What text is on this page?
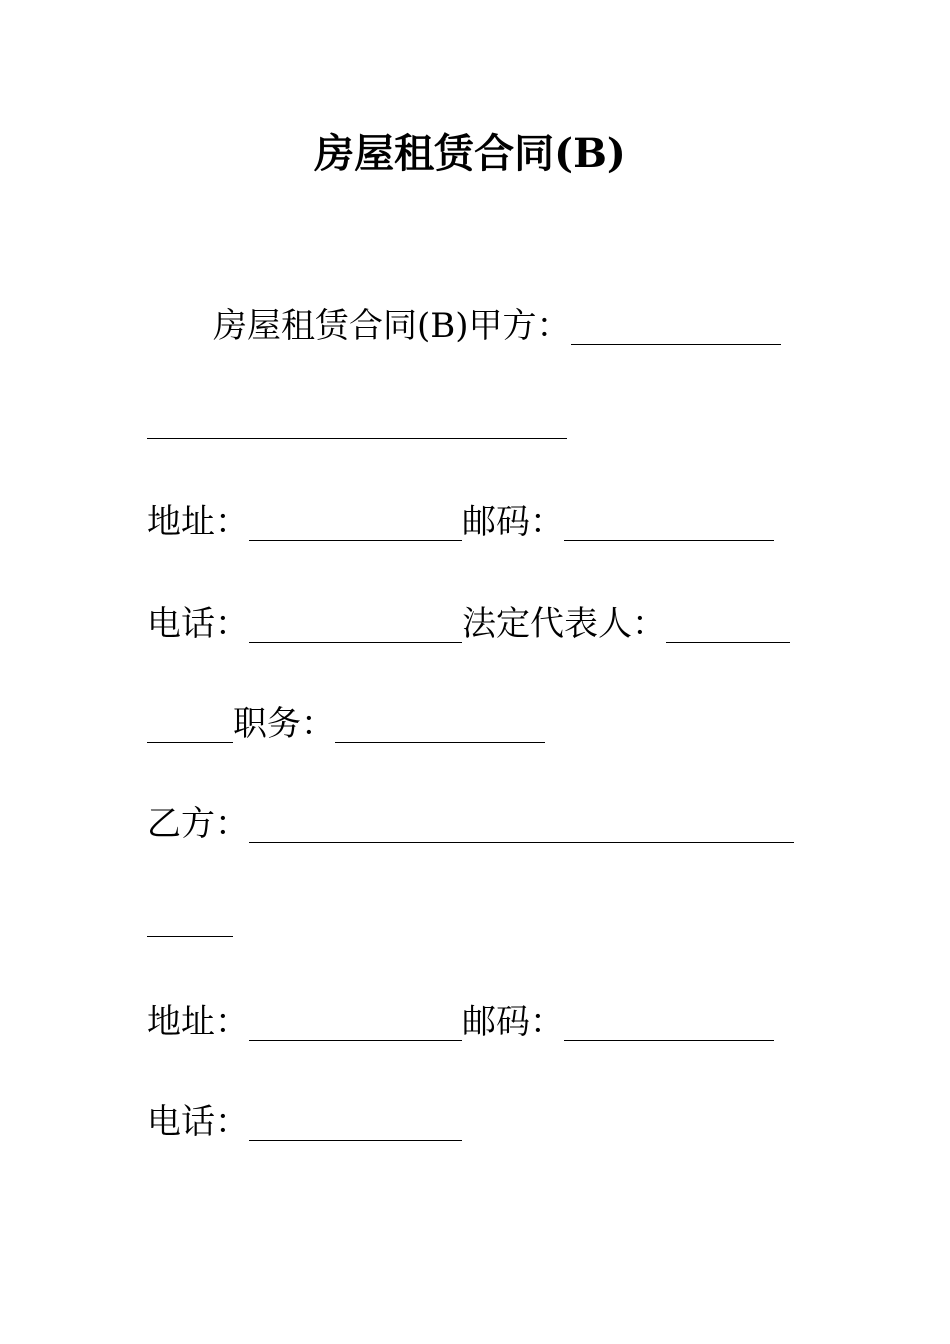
房屋租赁合同(B)
房屋租赁合同(B)甲方：
地址：	邮码：
电话：	法定代表人：
职务：
乙方：
地址：	邮码：
电话：
